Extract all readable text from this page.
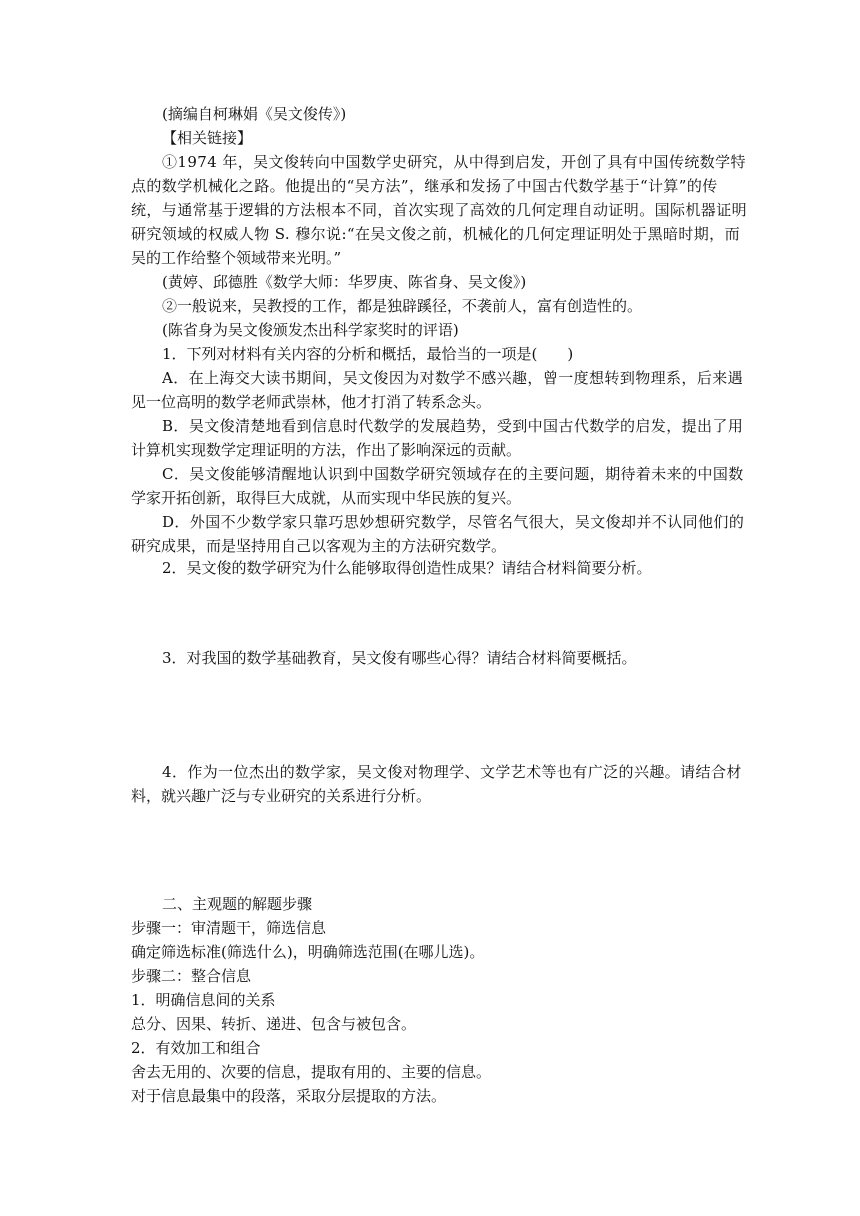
(摘编自柯琳娟《吴文俊传》)
【相关链接】
①1974 年，吴文俊转向中国数学史研究，从中得到启发，开创了具有中国传统数学特
点的数学机械化之路。他提出的“吴方法”，继承和发扬了中国古代数学基于“计算”的传
统，与通常基于逻辑的方法根本不同，首次实现了高效的几何定理自动证明。国际机器证明
研究领域的权威人物 S. 穆尔说:“在吴文俊之前，机械化的几何定理证明处于黑暗时期，而
吴的工作给整个领域带来光明。”
(黄婷、邱德胜《数学大师：华罗庚、陈省身、吴文俊》)
②一般说来，吴教授的工作，都是独辟蹊径，不袭前人，富有创造性的。
(陈省身为吴文俊颁发杰出科学家奖时的评语)
1．下列对材料有关内容的分析和概括，最恰当的一项是(　　)
A．在上海交大读书期间，吴文俊因为对数学不感兴趣，曾一度想转到物理系，后来遇
见一位高明的数学老师武崇林，他才打消了转系念头。
B．吴文俊清楚地看到信息时代数学的发展趋势，受到中国古代数学的启发，提出了用
计算机实现数学定理证明的方法，作出了影响深远的贡献。
C．吴文俊能够清醒地认识到中国数学研究领域存在的主要问题，期待着未来的中国数
学家开拓创新，取得巨大成就，从而实现中华民族的复兴。
D．外国不少数学家只靠巧思妙想研究数学，尽管名气很大，吴文俊却并不认同他们的
研究成果，而是坚持用自己以客观为主的方法研究数学。
2．吴文俊的数学研究为什么能够取得创造性成果？请结合材料简要分析。
3．对我国的数学基础教育，吴文俊有哪些心得？请结合材料简要概括。
4．作为一位杰出的数学家，吴文俊对物理学、文学艺术等也有广泛的兴趣。请结合材
料，就兴趣广泛与专业研究的关系进行分析。
二、主观题的解题步骤
步骤一：审清题干，筛选信息
确定筛选标准(筛选什么)，明确筛选范围(在哪儿选)。
步骤二：整合信息
1．明确信息间的关系
总分、因果、转折、递进、包含与被包含。
2．有效加工和组合
舍去无用的、次要的信息，提取有用的、主要的信息。
对于信息最集中的段落，采取分层提取的方法。
